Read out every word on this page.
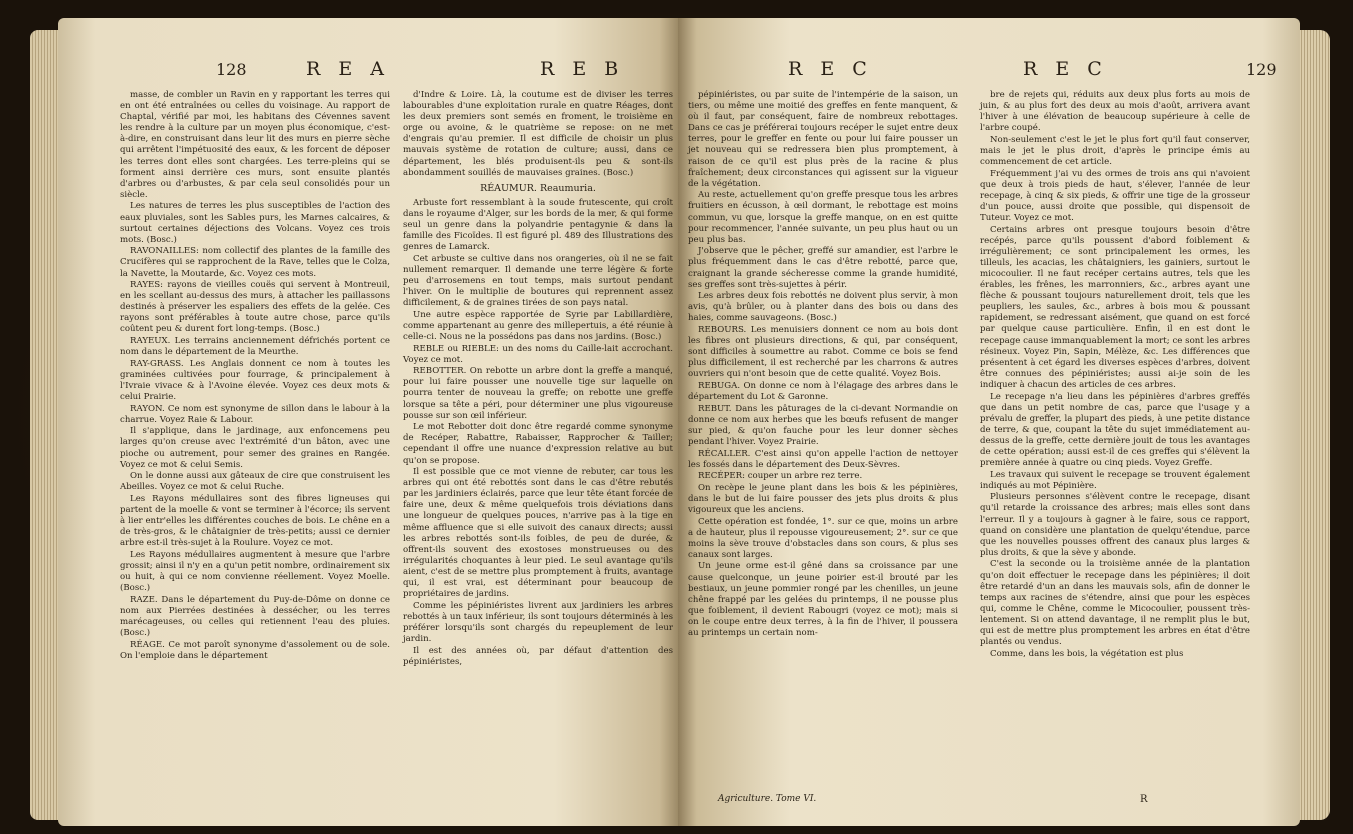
128	R E A	R E B

masse, de combler un Ravin en y rapportant les terres qui en ont été entraînées ou celles du voisinage. Au rapport de Chaptal, vérifié par moi, les habitans des Cévennes savent les rendre à la culture par un moyen plus économique, c'est-à-dire, en construisant dans leur lit des murs en pierre sèche qui arrêtent l'impétuosité des eaux, & les forcent de déposer les terres dont elles sont chargées. Les terre-pleins qui se forment ainsi derrière ces murs, sont ensuite plantés d'arbres ou d'arbustes, & par cela seul consolidés pour un siècle.

Les natures de terres les plus susceptibles de l'action des eaux pluviales, sont les Sables purs, les Marnes calcaires, & surtout certaines déjections des Volcans. Voyez ces trois mots. (Bosc.)

RAVONAILLES: nom collectif des plantes de la famille des Crucifères qui se rapprochent de la Rave, telles que le Colza, la Navette, la Moutarde, &c. Voyez ces mots.

RAYES: rayons de vieilles couës qui servent à Montreuil, en les scellant au-dessus des murs, à attacher les paillassons destinés à préserver les espaliers des effets de la gelée. Ces rayons sont préférables à toute autre chose, parce qu'ils coûtent peu & durent fort long-temps. (Bosc.)

RAYEUX. Les terrains anciennement défrichés portent ce nom dans le département de la Meurthe.

RAY-GRASS. Les Anglais donnent ce nom à toutes les graminées cultivées pour fourrage, & principalement à l'Ivraie vivace & à l'Avoine élevée. Voyez ces deux mots & celui Prairie.

RAYON. Ce nom est synonyme de sillon dans le labour à la charrue. Voyez Raie & Labour.

Il s'applique, dans le jardinage, aux enfoncemens peu larges qu'on creuse avec l'extrémité d'un bâton, avec une pioche ou autrement, pour semer des graines en Rangée. Voyez ce mot & celui Semis.

On le donne aussi aux gâteaux de cire que construisent les Abeilles. Voyez ce mot & celui Ruche.

Les Rayons médullaires sont des fibres ligneuses qui partent de la moelle & vont se terminer à l'écorce; ils servent à lier entr'elles les différentes couches de bois. Le chêne en a de très-gros, & le châtaignier de très-petits; aussi ce dernier arbre est-il très-sujet à la Roulure. Voyez ce mot.

Les Rayons médullaires augmentent à mesure que l'arbre grossit; ainsi il n'y en a qu'un petit nombre, ordinairement six ou huit, à qui ce nom convienne réellement. Voyez Moelle. (Bosc.)

RAZE. Dans le département du Puy-de-Dôme on donne ce nom aux Pierrées destinées à dessécher, ou les terres marécageuses, ou celles qui retiennent l'eau des pluies. (Bosc.)

RÉAGE. Ce mot paroît synonyme d'assolement ou de sole. On l'emploie dans le département

d'Indre & Loire. Là, la coutume est de diviser les terres labourables d'une exploitation rurale en quatre Réages, dont les deux premiers sont semés en froment, le troisième en orge ou avoine, & le quatrième se repose: on ne met d'engrais qu'au premier. Il est difficile de choisir un plus mauvais système de rotation de culture; aussi, dans ce département, les blés produisent-ils peu & sont-ils abondamment souillés de mauvaises graines. (Bosc.)

RÉAUMUR. Reaumuria.

Arbuste fort ressemblant à la soude frutescente, qui croît dans le royaume d'Alger, sur les bords de la mer, & qui forme seul un genre dans la polyandrie pentagynie & dans la famille des Ficoïdes. Il est figuré pl. 489 des Illustrations des genres de Lamarck.

Cet arbuste se cultive dans nos orangeries, où il ne se fait nullement remarquer. Il demande une terre légère & forte peu d'arrosemens en tout temps, mais surtout pendant l'hiver. On le multiplie de boutures qui reprennent assez difficilement, & de graines tirées de son pays natal.

Une autre espèce rapportée de Syrie par Labillardière, comme appartenant au genre des millepertuis, a été réunie à celle-ci. Nous ne la possédons pas dans nos jardins. (Bosc.)

REBLE ou RIEBLE: un des noms du Caille-lait accrochant. Voyez ce mot.

REBOTTER. On rebotte un arbre dont la greffe a manqué, pour lui faire pousser une nouvelle tige sur laquelle on pourra tenter de nouveau la greffe; on rebotte une greffe lorsque sa tête a péri, pour déterminer une plus vigoureuse pousse sur son œil inférieur.

Le mot Rebotter doit donc être regardé comme synonyme de Recéper, Rabattre, Rabaisser, Rapprocher & Tailler; cependant il offre une nuance d'expression relative au but qu'on se propose.

Il est possible que ce mot vienne de rebuter, car tous les arbres qui ont été rebottés sont dans le cas d'être rebutés par les jardiniers éclairés, parce que leur tête étant forcée de faire une, deux & même quelquefois trois déviations dans une longueur de quelques pouces, n'arrive pas à la tige en même affluence que si elle suivoit des canaux directs; aussi les arbres rebottés sont-ils foibles, de peu de durée, & offrent-ils souvent des exostoses monstrueuses ou des irrégularités choquantes à leur pied. Le seul avantage qu'ils aient, c'est de se mettre plus promptement à fruits, avantage qui, il est vrai, est déterminant pour beaucoup de propriétaires de jardins.

Comme les pépiniéristes livrent aux jardiniers les arbres rebottés à un taux inférieur, ils sont toujours déterminés à les préférer lorsqu'ils sont chargés du repeuplement de leur jardin.

Il est des années où, par défaut d'attention des pépiniéristes,

R E C	R E C	129

pépiniéristes, ou par suite de l'intempérie de la saison, un tiers, ou même une moitié des greffes en fente manquent, & où il faut, par conséquent, faire de nombreux rebottages. Dans ce cas je préférerai toujours recéper le sujet entre deux terres, pour le greffer en fente ou pour lui faire pousser un jet nouveau qui se redressera bien plus promptement, à raison de ce qu'il est plus près de la racine & plus fraîchement; deux circonstances qui agissent sur la vigueur de la végétation.

Au reste, actuellement qu'on greffe presque tous les arbres fruitiers en écusson, à œil dormant, le rebottage est moins commun, vu que, lorsque la greffe manque, on en est quitte pour recommencer, l'année suivante, un peu plus haut ou un peu plus bas.

J'observe que le pêcher, greffé sur amandier, est l'arbre le plus fréquemment dans le cas d'être rebotté, parce que, craignant la grande sécheresse comme la grande humidité, ses greffes sont très-sujettes à périr.

Les arbres deux fois rebottés ne doivent plus servir, à mon avis, qu'à brûler, ou à planter dans des bois ou dans des haies, comme sauvageons. (Bosc.)

REBOURS. Les menuisiers donnent ce nom au bois dont les fibres ont plusieurs directions, & qui, par conséquent, sont difficiles à soumettre au rabot. Comme ce bois se fend plus difficilement, il est recherché par les charrons & autres ouvriers qui n'ont besoin que de cette qualité. Voyez Bois.

REBUGA. On donne ce nom à l'élagage des arbres dans le département du Lot & Garonne.

REBUT. Dans les pâturages de la ci-devant Normandie on donne ce nom aux herbes que les bœufs refusent de manger sur pied, & qu'on fauche pour les leur donner sèches pendant l'hiver. Voyez Prairie.

RÉCALLER. C'est ainsi qu'on appelle l'action de nettoyer les fossés dans le département des Deux-Sèvres.

RECÉPER: couper un arbre rez terre.

On recèpe le jeune plant dans les bois & les pépinières, dans le but de lui faire pousser des jets plus droits & plus vigoureux que les anciens.

Cette opération est fondée, 1°. sur ce que, moins un arbre a de hauteur, plus il repousse vigoureusement; 2°. sur ce que moins la sève trouve d'obstacles dans son cours, & plus ses canaux sont larges.

Un jeune orme est-il gêné dans sa croissance par une cause quelconque, un jeune poirier est-il brouté par les bestiaux, un jeune pommier rongé par les chenilles, un jeune chêne frappé par les gelées du printemps, il ne pousse plus que foiblement, il devient Rabougri (voyez ce mot); mais si on le coupe entre deux terres, à la fin de l'hiver, il poussera au printemps un certain nom-

bre de rejets qui, réduits aux deux plus forts au mois de juin, & au plus fort des deux au mois d'août, arrivera avant l'hiver à une élévation de beaucoup supérieure à celle de l'arbre coupé.

Non-seulement c'est le jet le plus fort qu'il faut conserver, mais le jet le plus droit, d'après le principe émis au commencement de cet article.

Fréquemment j'ai vu des ormes de trois ans qui n'avoient que deux à trois pieds de haut, s'élever, l'année de leur recepage, à cinq & six pieds, & offrir une tige de la grosseur d'un pouce, aussi droite que possible, qui dispensoit de Tuteur. Voyez ce mot.

Certains arbres ont presque toujours besoin d'être recépés, parce qu'ils poussent d'abord foiblement & irrégulièrement; ce sont principalement les ormes, les tilleuls, les acacias, les châtaigniers, les gainiers, surtout le micocoulier. Il ne faut recéper certains autres, tels que les érables, les frênes, les marronniers, &c., arbres ayant une flèche & poussant toujours naturellement droit, tels que les peupliers, les saules, &c., arbres à bois mou & poussant rapidement, se redressant aisément, que quand on est forcé par quelque cause particulière. Enfin, il en est dont le recepage cause immanquablement la mort; ce sont les arbres résineux. Voyez Pin, Sapin, Mélèze, &c. Les différences que présentent à cet égard les diverses espèces d'arbres, doivent être connues des pépiniéristes; aussi ai-je soin de les indiquer à chacun des articles de ces arbres.

Le recepage n'a lieu dans les pépinières d'arbres greffés que dans un petit nombre de cas, parce que l'usage y a prévalu de greffer, la plupart des pieds, à une petite distance de terre, & que, coupant la tête du sujet immédiatement au-dessus de la greffe, cette dernière jouit de tous les avantages de cette opération; aussi est-il de ces greffes qui s'élèvent la première année à quatre ou cinq pieds. Voyez Greffe.

Les travaux qui suivent le recepage se trouvent également indiqués au mot Pépinière.

Plusieurs personnes s'élèvent contre le recepage, disant qu'il retarde la croissance des arbres; mais elles sont dans l'erreur. Il y a toujours à gagner à le faire, sous ce rapport, quand on considère une plantation de quelqu'étendue, parce que les nouvelles pousses offrent des canaux plus larges & plus droits, & que la sève y abonde.

C'est la seconde ou la troisième année de la plantation qu'on doit effectuer le recepage dans les pépinières; il doit être retardé d'un an dans les mauvais sols, afin de donner le temps aux racines de s'étendre, ainsi que pour les espèces qui, comme le Chêne, comme le Micocoulier, poussent très-lentement. Si on attend davantage, il ne remplit plus le but, qui est de mettre plus promptement les arbres en état d'être plantés ou vendus.

Comme, dans les bois, la végétation est plus

Agriculture. Tome VI.	R
